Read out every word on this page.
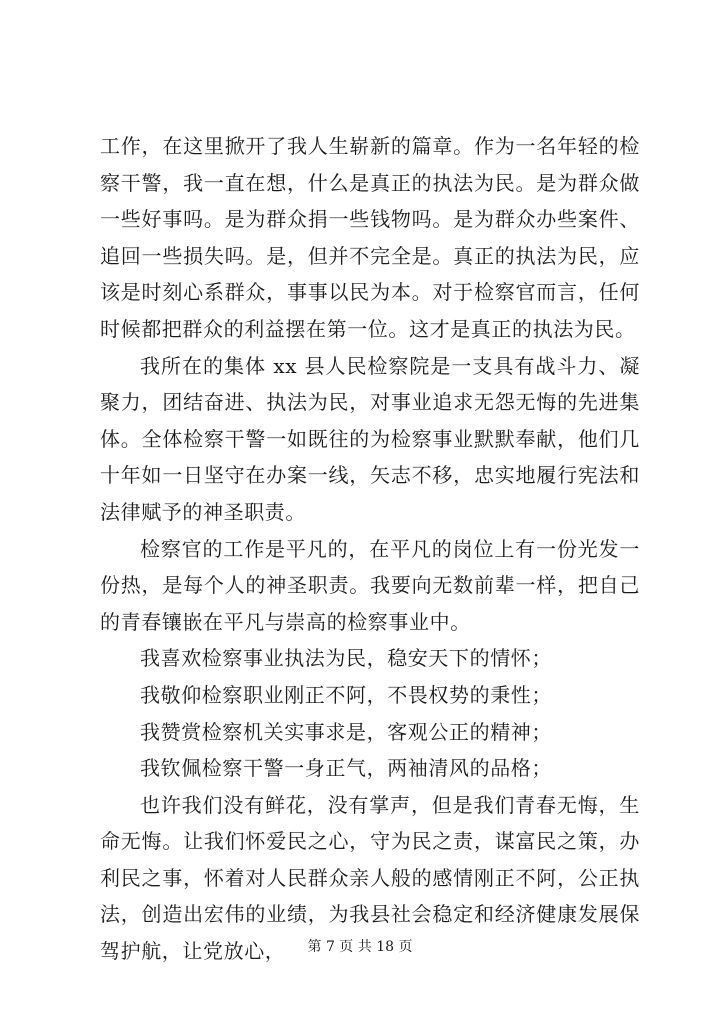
工作，在这里掀开了我人生崭新的篇章。作为一名年轻的检察干警，我一直在想，什么是真正的执法为民。是为群众做一些好事吗。是为群众捐一些钱物吗。是为群众办些案件、追回一些损失吗。是，但并不完全是。真正的执法为民，应该是时刻心系群众，事事以民为本。对于检察官而言，任何时候都把群众的利益摆在第一位。这才是真正的执法为民。

我所在的集体 xx 县人民检察院是一支具有战斗力、凝聚力，团结奋进、执法为民，对事业追求无怨无悔的先进集体。全体检察干警一如既往的为检察事业默默奉献，他们几十年如一日坚守在办案一线，矢志不移，忠实地履行宪法和法律赋予的神圣职责。

检察官的工作是平凡的，在平凡的岗位上有一份光发一份热，是每个人的神圣职责。我要向无数前辈一样，把自己的青春镶嵌在平凡与崇高的检察事业中。

我喜欢检察事业执法为民，稳安天下的情怀；

我敬仰检察职业刚正不阿，不畏权势的秉性；

我赞赏检察机关实事求是，客观公正的精神；

我钦佩检察干警一身正气，两袖清风的品格；

也许我们没有鲜花，没有掌声，但是我们青春无悔，生命无悔。让我们怀爱民之心，守为民之责，谋富民之策，办利民之事，怀着对人民群众亲人般的感情刚正不阿，公正执法，创造出宏伟的业绩，为我县社会稳定和经济健康发展保驾护航，让党放心，	第 7 页 共 18 页
